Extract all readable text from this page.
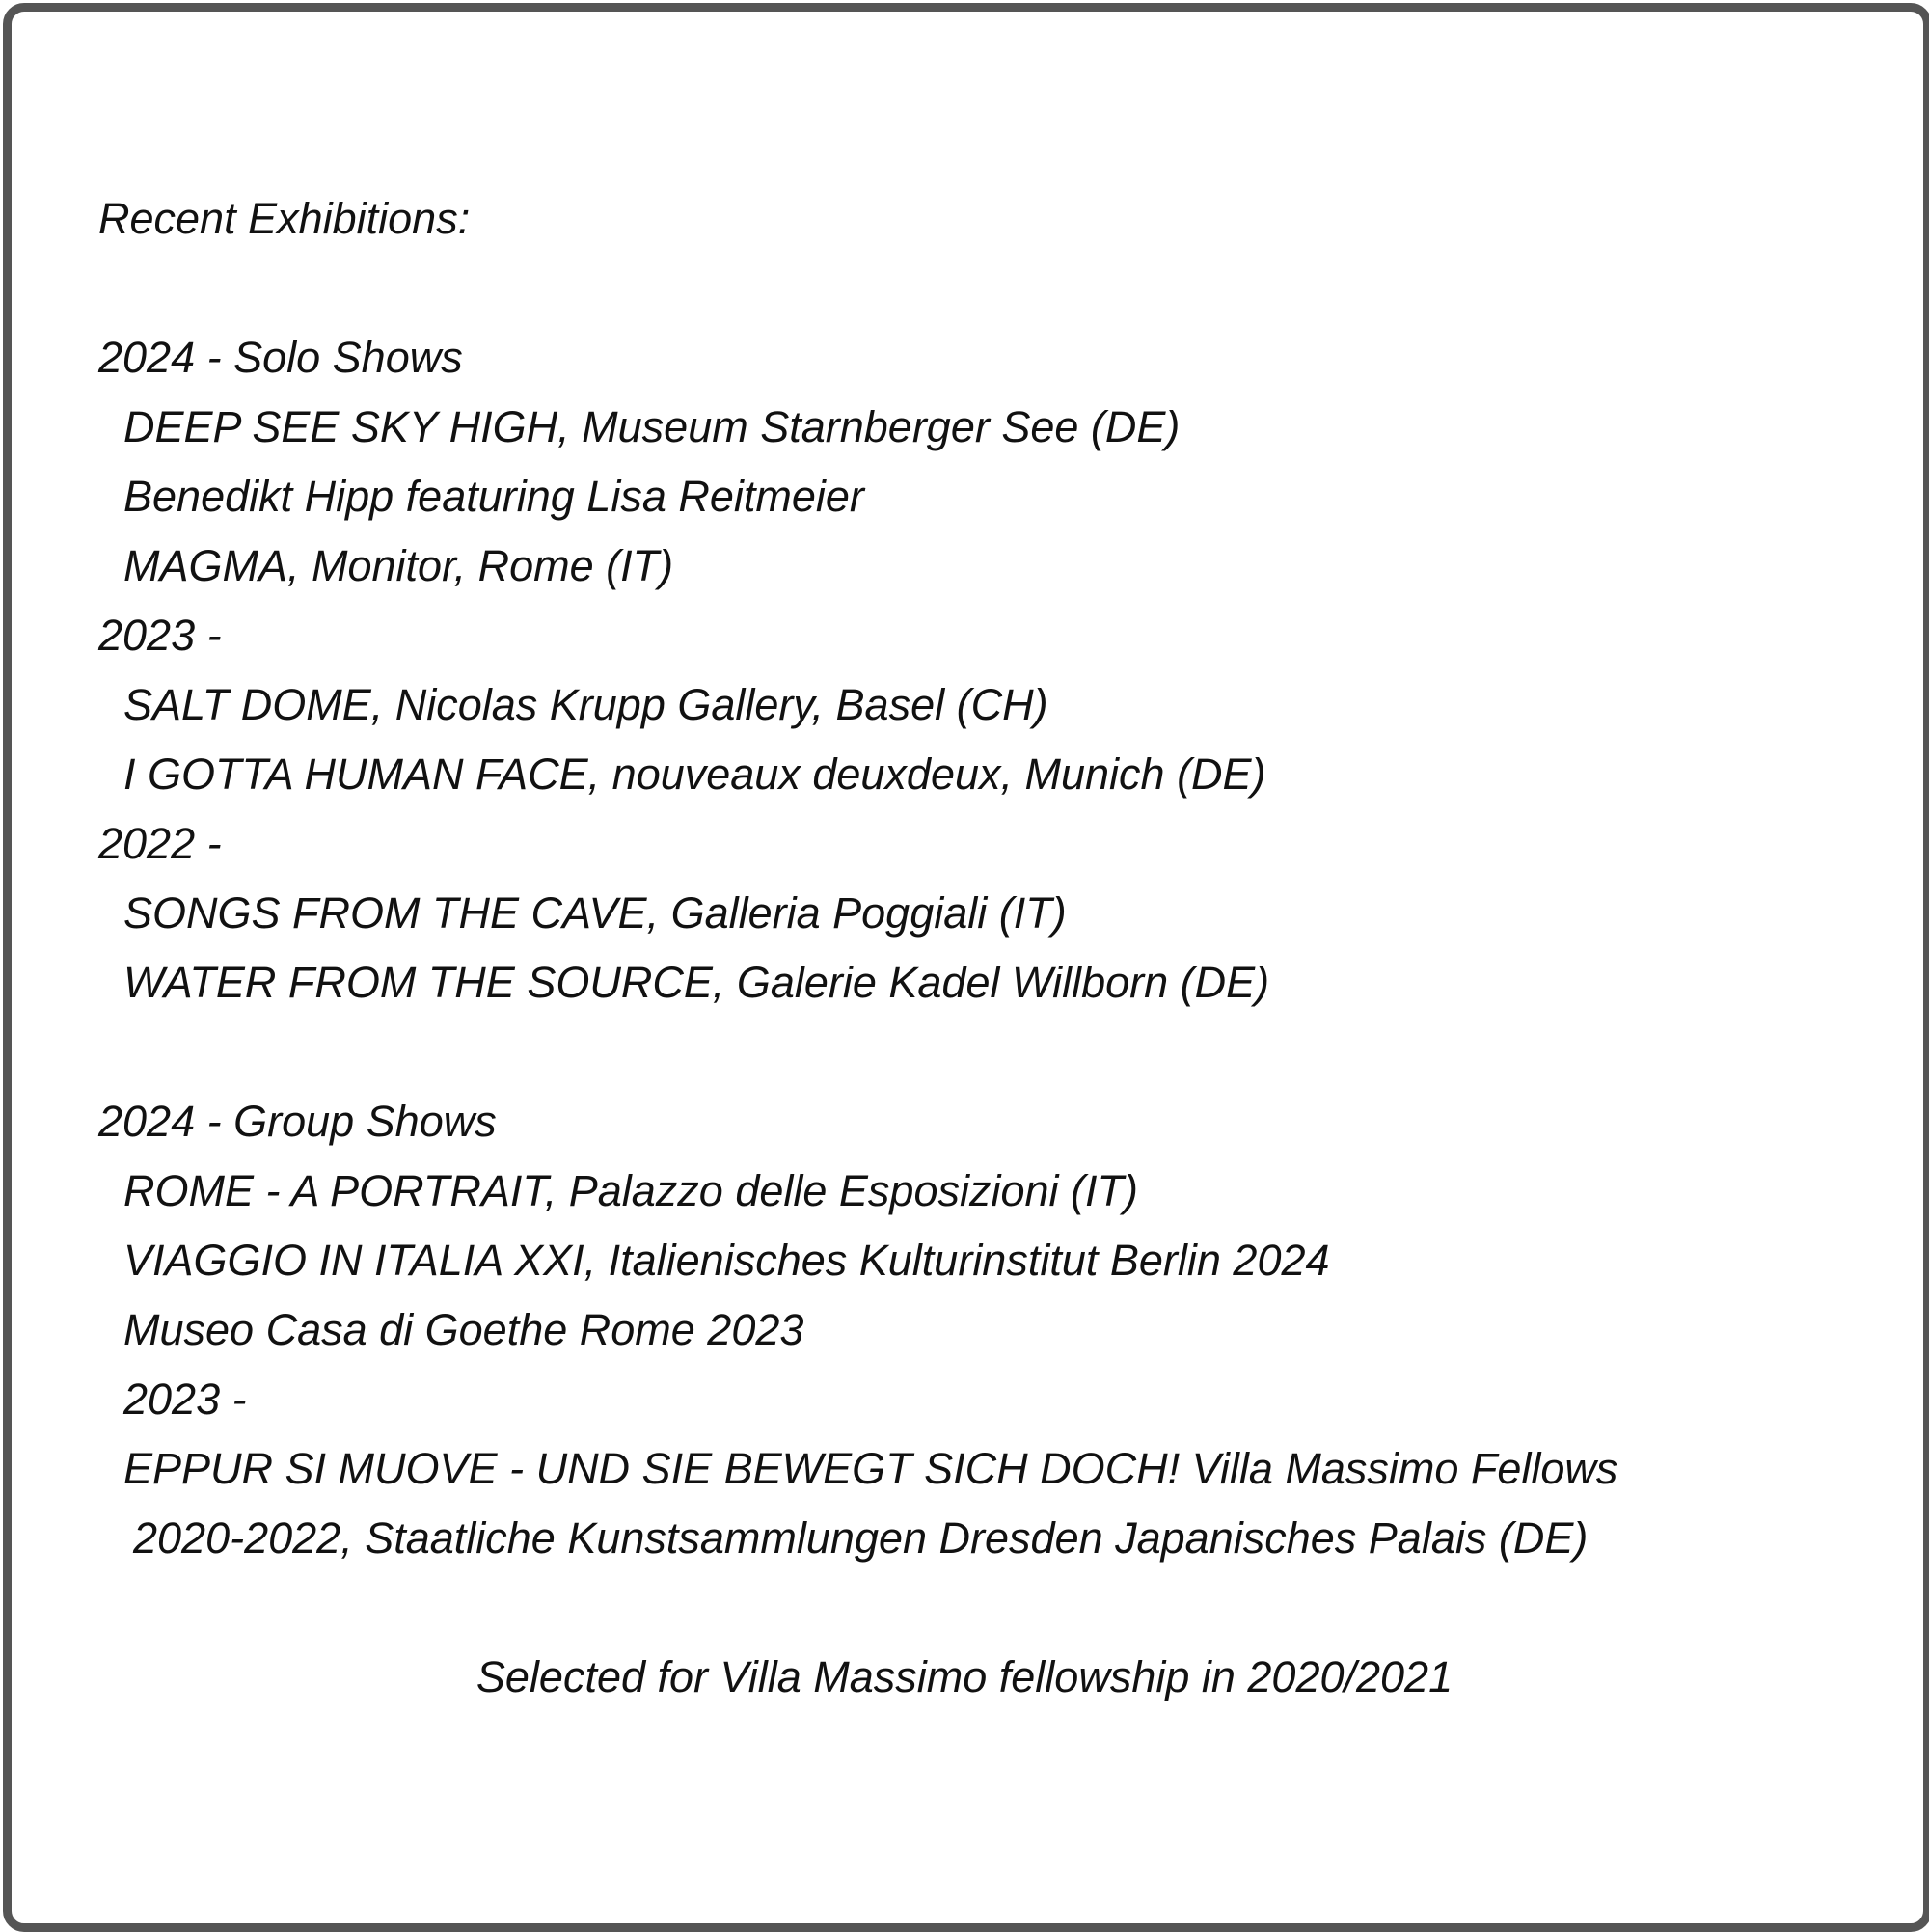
Recent Exhibitions:
2024 - Solo Shows
DEEP SEE SKY HIGH, Museum Starnberger See (DE)
Benedikt Hipp featuring Lisa Reitmeier
MAGMA, Monitor, Rome (IT)
2023 -
SALT DOME, Nicolas Krupp Gallery, Basel (CH)
I GOTTA HUMAN FACE, nouveaux deuxdeux, Munich (DE)
2022 -
SONGS FROM THE CAVE, Galleria Poggiali (IT)
WATER FROM THE SOURCE, Galerie Kadel Willborn (DE)
2024 - Group Shows
ROME - A PORTRAIT, Palazzo delle Esposizioni (IT)
VIAGGIO IN ITALIA XXI, Italienisches Kulturinstitut Berlin 2024
Museo Casa di Goethe Rome 2023
2023 -
EPPUR SI MUOVE - UND SIE BEWEGT SICH DOCH! Villa Massimo Fellows
2020-2022, Staatliche Kunstsammlungen Dresden Japanisches Palais (DE)
Selected for Villa Massimo fellowship in 2020/2021
